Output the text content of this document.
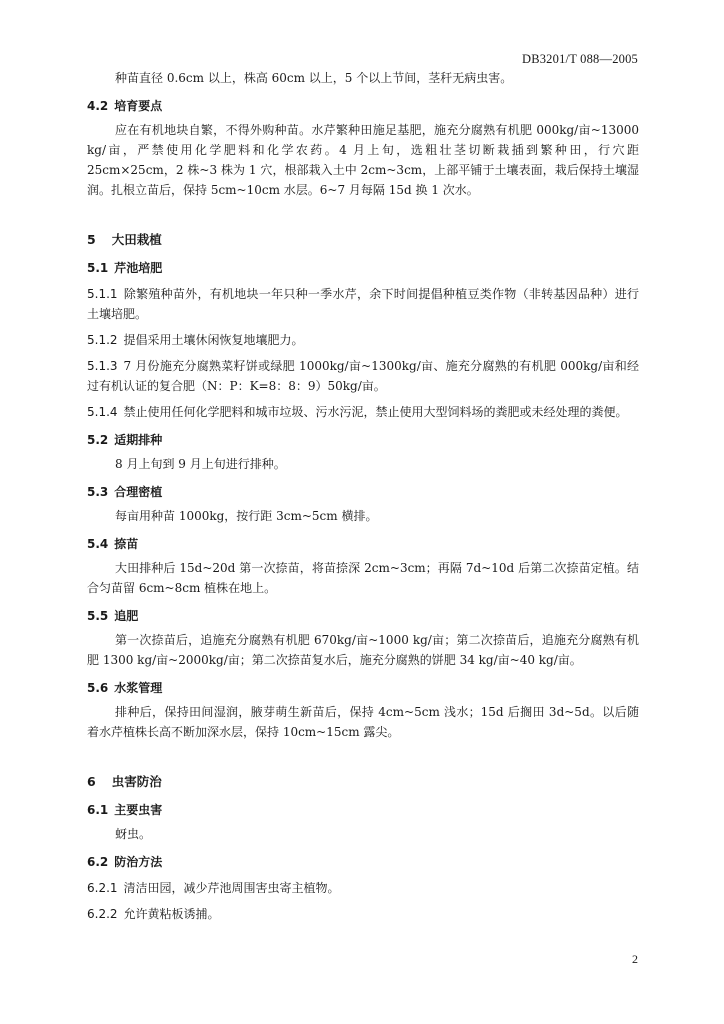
DB3201/T 088—2005

种苗直径 0.6cm 以上，株高 60cm 以上，5 个以上节间，茎秆无病虫害。

4.2 培育要点

应在有机地块自繁，不得外购种苗。水芹繁种田施足基肥，施充分腐熟有机肥 000kg/亩~13000 kg/亩，严禁使用化学肥料和化学农药。4 月上旬，选粗壮茎切断栽插到繁种田，行穴距 25cm×25cm，2 株~3 株为 1 穴，根部栽入土中 2cm~3cm，上部平铺于土壤表面，栽后保持土壤湿润。扎根立苗后，保持 5cm~10cm 水层。6~7 月每隔 15d 换 1 次水。

5 大田栽植
5.1 芹池培肥

5.1.1 除繁殖种苗外，有机地块一年只种一季水芹，余下时间提倡种植豆类作物（非转基因品种）进行土壤培肥。

5.1.2 提倡采用土壤休闲恢复地壤肥力。

5.1.3 7 月份施充分腐熟菜籽饼或绿肥 1000kg/亩~1300kg/亩、施充分腐熟的有机肥 000kg/亩和经过有机认证的复合肥（N：P：K=8：8：9）50kg/亩。

5.1.4 禁止使用任何化学肥料和城市垃圾、污水污泥，禁止使用大型饲料场的粪肥或未经处理的粪便。

5.2 适期排种

8 月上旬到 9 月上旬进行排种。

5.3 合理密植

每亩用种苗 1000kg，按行距 3cm~5cm 横排。

5.4 捺苗

大田排种后 15d~20d 第一次捺苗，将苗捺深 2cm~3cm；再隔 7d~10d 后第二次捺苗定植。结合匀苗留 6cm~8cm 植株在地上。

5.5 追肥

第一次捺苗后，追施充分腐熟有机肥 670kg/亩~1000 kg/亩；第二次捺苗后，追施充分腐熟有机肥 1300 kg/亩~2000kg/亩；第二次捺苗复水后，施充分腐熟的饼肥 34 kg/亩~40 kg/亩。

5.6 水浆管理

排种后，保持田间湿润，腋芽萌生新苗后，保持 4cm~5cm 浅水；15d 后搁田 3d~5d。以后随着水芹植株长高不断加深水层，保持 10cm~15cm 露尖。

6 虫害防治
6.1 主要虫害

蚜虫。

6.2 防治方法

6.2.1 清洁田园，减少芹池周围害虫寄主植物。

6.2.2 允许黄粘板诱捕。

2
